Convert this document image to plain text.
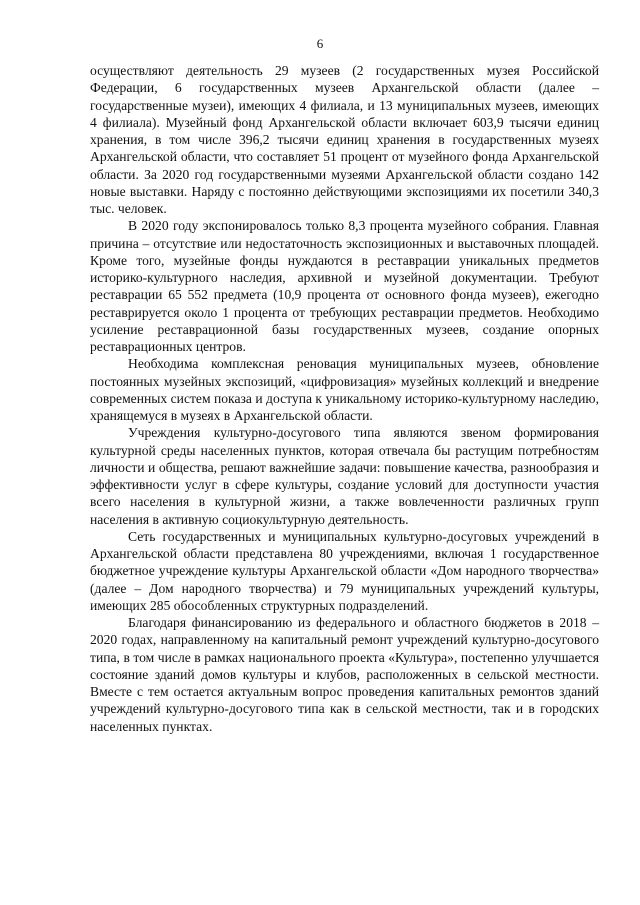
6

осуществляют деятельность 29 музеев (2 государственных музея Российской Федерации, 6 государственных музеев Архангельской области (далее – государственные музеи), имеющих 4 филиала, и 13 муниципальных музеев, имеющих 4 филиала). Музейный фонд Архангельской области включает 603,9 тысячи единиц хранения, в том числе 396,2 тысячи единиц хранения в государственных музеях Архангельской области, что составляет 51 процент от музейного фонда Архангельской области. За 2020 год государственными музеями Архангельской области создано 142 новые выставки. Наряду с постоянно действующими экспозициями их посетили 340,3 тыс. человек.

В 2020 году экспонировалось только 8,3 процента музейного собрания. Главная причина – отсутствие или недостаточность экспозиционных и выставочных площадей. Кроме того, музейные фонды нуждаются в реставрации уникальных предметов историко-культурного наследия, архивной и музейной документации. Требуют реставрации 65 552 предмета (10,9 процента от основного фонда музеев), ежегодно реставрируется около 1 процента от требующих реставрации предметов. Необходимо усиление реставрационной базы государственных музеев, создание опорных реставрационных центров.

Необходима комплексная реновация муниципальных музеев, обновление постоянных музейных экспозиций, «цифровизация» музейных коллекций и внедрение современных систем показа и доступа к уникальному историко-культурному наследию, хранящемуся в музеях в Архангельской области.

Учреждения культурно-досугового типа являются звеном формирования культурной среды населенных пунктов, которая отвечала бы растущим потребностям личности и общества, решают важнейшие задачи: повышение качества, разнообразия и эффективности услуг в сфере культуры, создание условий для доступности участия всего населения в культурной жизни, а также вовлеченности различных групп населения в активную социокультурную деятельность.

Сеть государственных и муниципальных культурно-досуговых учреждений в Архангельской области представлена 80 учреждениями, включая 1 государственное бюджетное учреждение культуры Архангельской области «Дом народного творчества» (далее – Дом народного творчества) и 79 муниципальных учреждений культуры, имеющих 285 обособленных структурных подразделений.

Благодаря финансированию из федерального и областного бюджетов в 2018 – 2020 годах, направленному на капитальный ремонт учреждений культурно-досугового типа, в том числе в рамках национального проекта «Культура», постепенно улучшается состояние зданий домов культуры и клубов, расположенных в сельской местности. Вместе с тем остается актуальным вопрос проведения капитальных ремонтов зданий учреждений культурно-досугового типа как в сельской местности, так и в городских населенных пунктах.
